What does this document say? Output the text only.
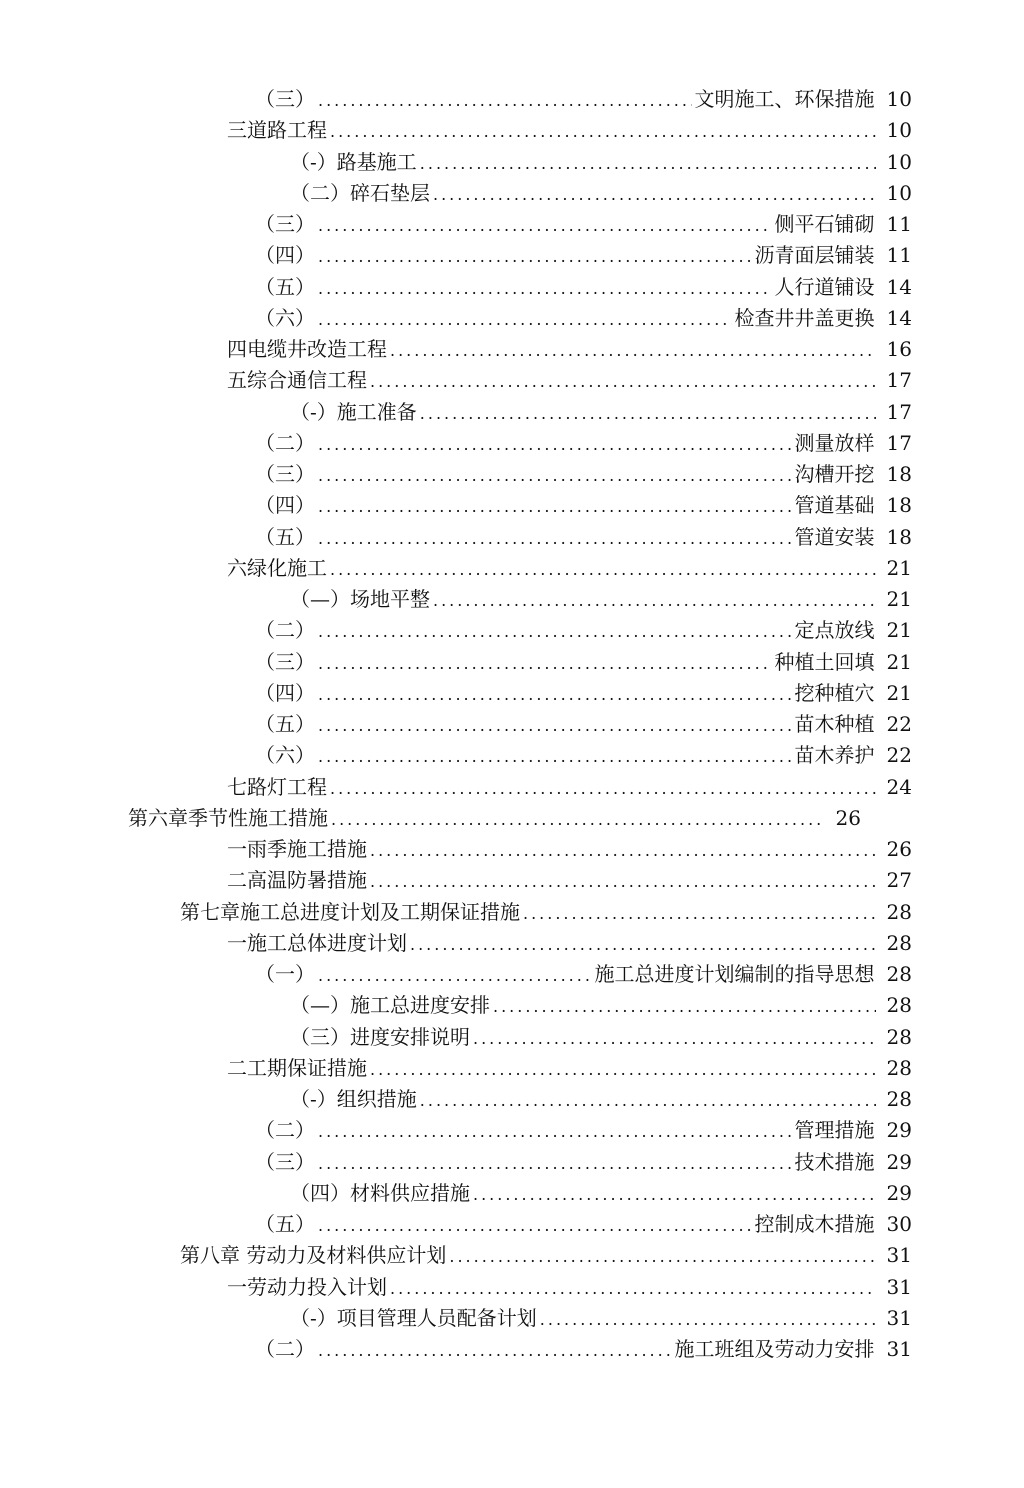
（三） .....	文明施工、环保措施 10
三道路工程 .....	10
（-）路基施工 .....	10
（二）碎石垫层 .....	10
（三） .....	侧平石铺砌 11
（四） .....	沥青面层铺装 11
（五） .....	人行道铺设 14
（六） .....	检查井井盖更换 14
四电缆井改造工程 .....	16
五综合通信工程 .....	17
（-）施工准备 .....	17
（二） .....	测量放样 17
（三） .....	沟槽开挖 18
（四） .....	管道基础 18
（五） .....	管道安装 18
六绿化施工 .....	21
（—）场地平整 .....	21
（二） .....	定点放线 21
（三） .....	种植土回填 21
（四） .....	挖种植穴 21
（五） .....	苗木种植 22
（六） .....	苗木养护 22
七路灯工程 .....	24
第六章季节性施工措施 .....	26
一雨季施工措施 .....	26
二高温防暑措施 .....	27
第七章施工总进度计划及工期保证措施 .....	28
一施工总体进度计划 .....	28
（一） .....	施工总进度计划编制的指导思想 28
（—）施工总进度安排 .....	28
（三）进度安排说明 .....	28
二工期保证措施 .....	28
（-）组织措施 .....	28
（二） .....	管理措施 29
（三） .....	技术措施 29
（四）材料供应措施 .....	29
（五） .....	控制成木措施 30
第八章 劳动力及材料供应计划 .....	31
一劳动力投入计划 .....	31
（-）项目管理人员配备计划 .....	31
（二） .....	施工班组及劳动力安排 31
